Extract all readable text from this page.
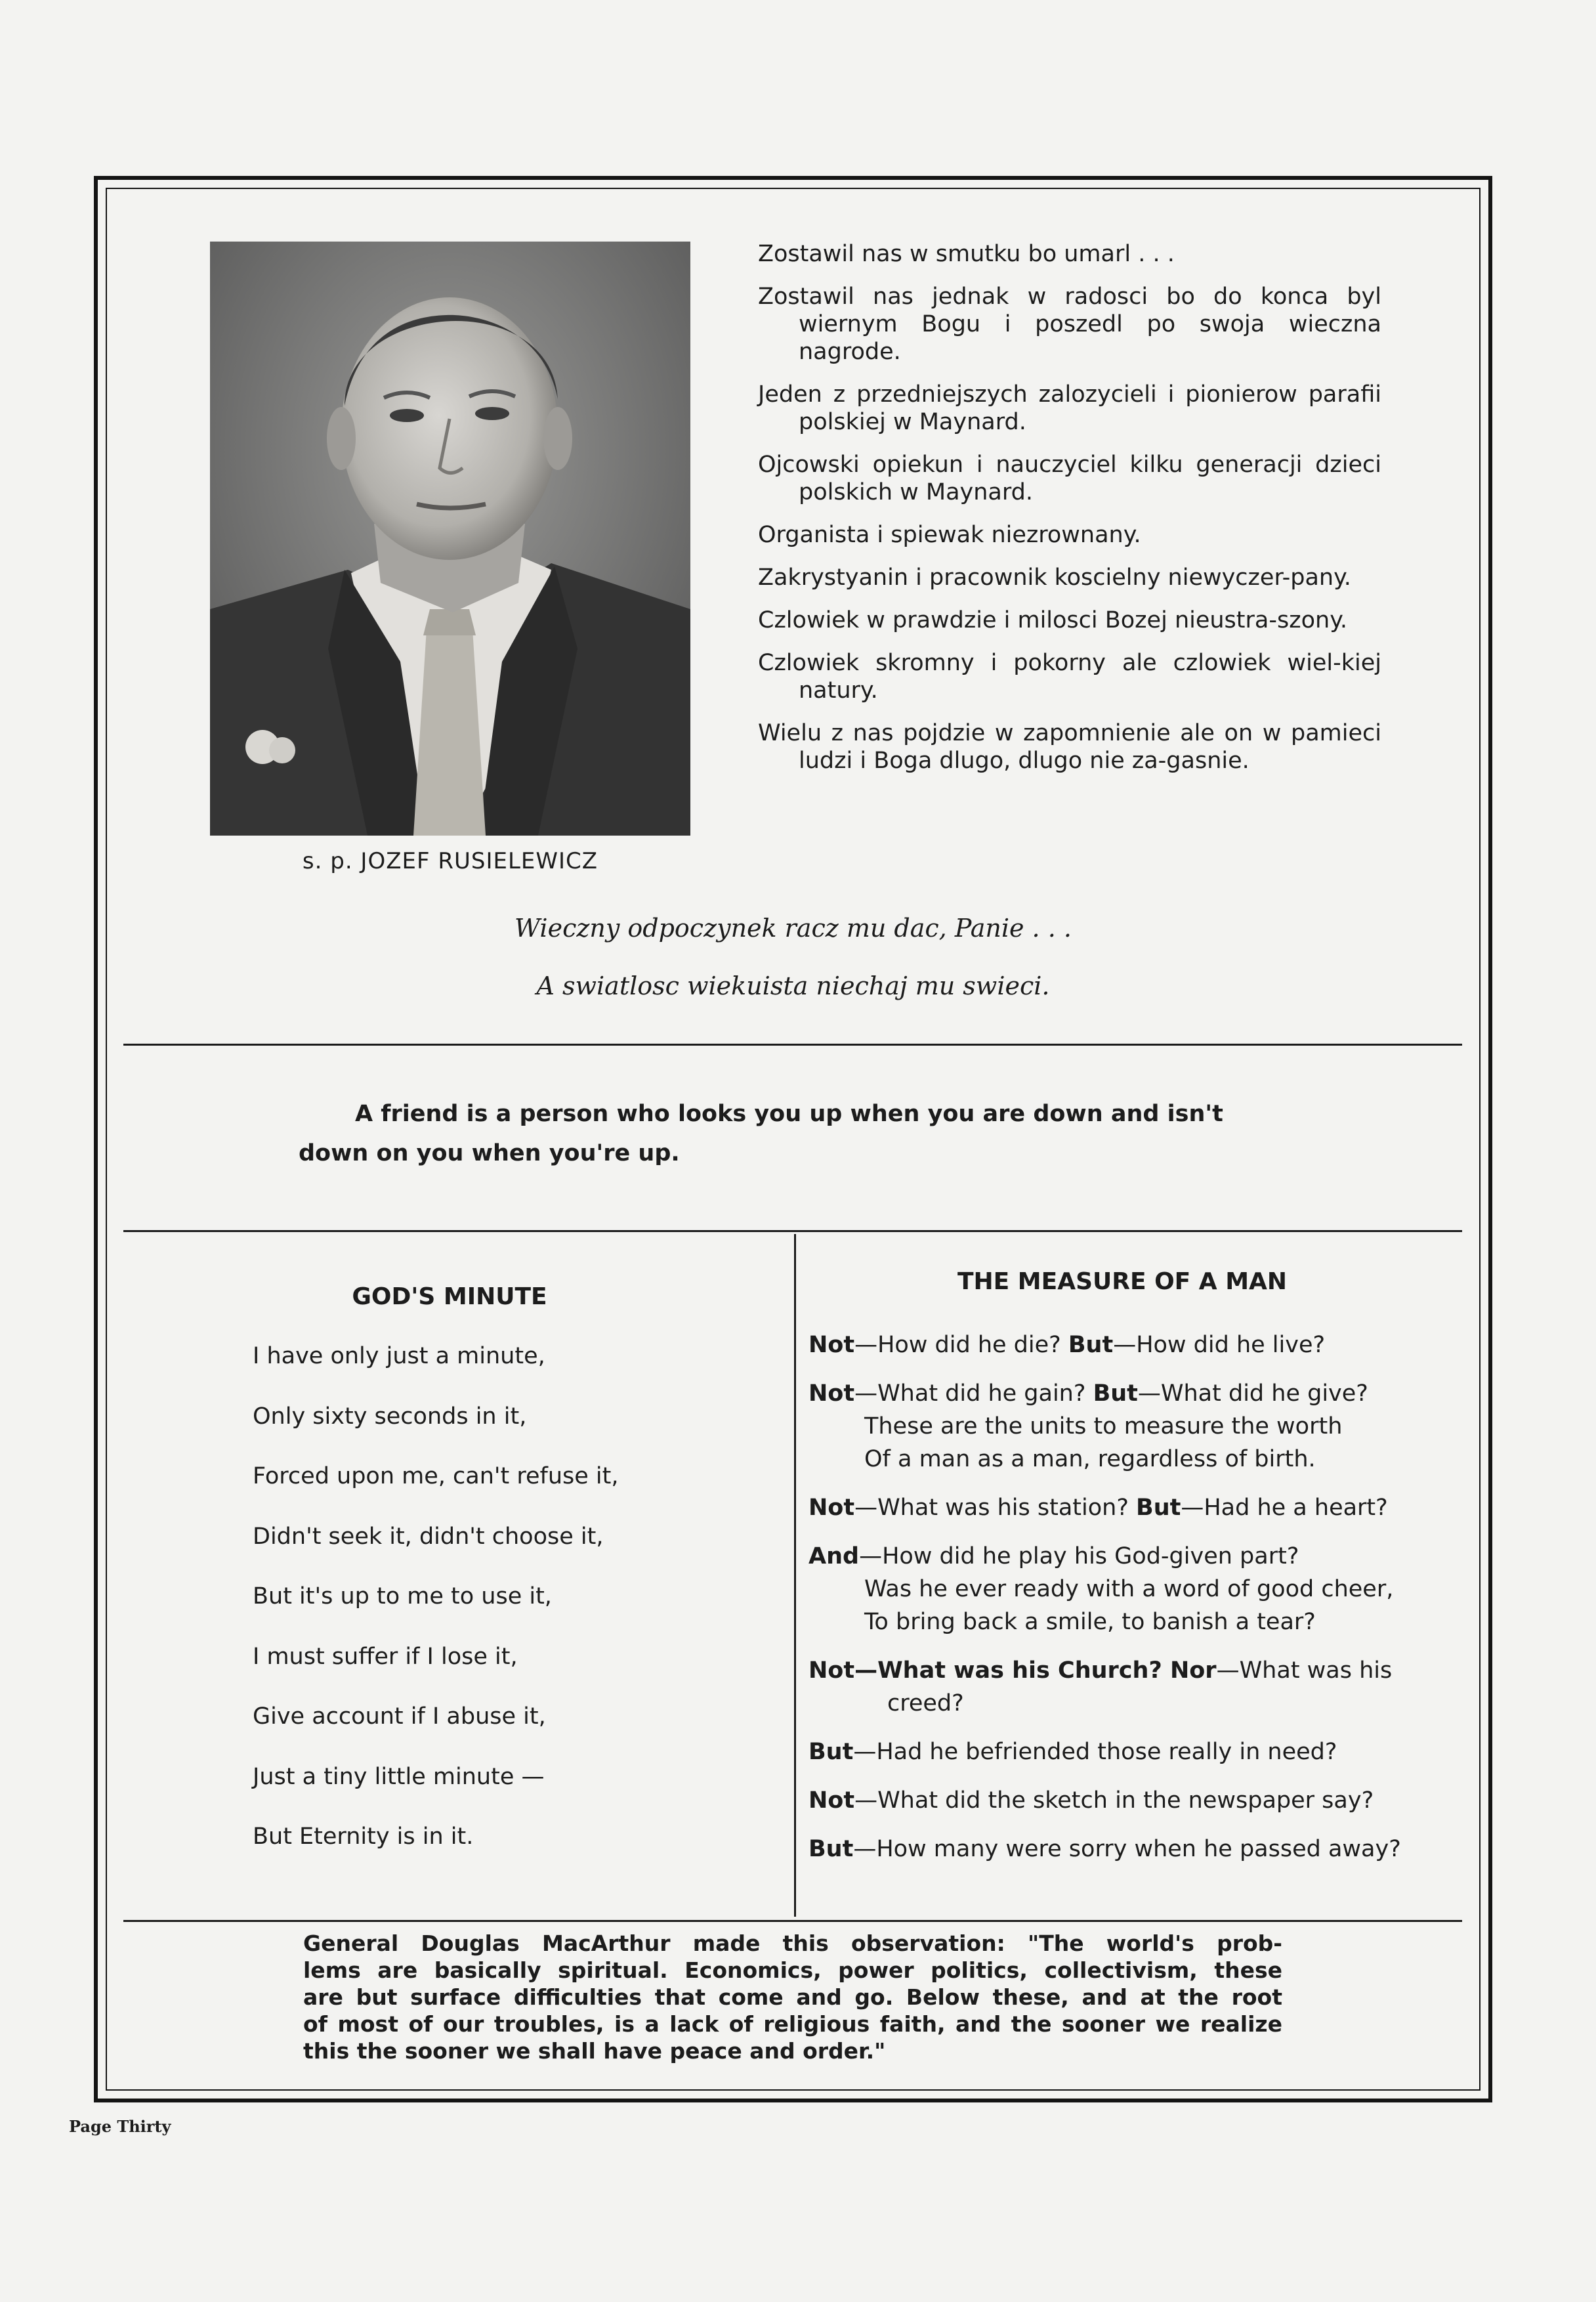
s. p. JOZEF RUSIELEWICZ

Zostawil nas w smutku bo umarl . . .

Zostawil nas jednak w radosci bo do konca byl wiernym Bogu i poszedl po swoja wieczna nagrode.

Jeden z przedniejszych zalozycieli i pionierow parafii polskiej w Maynard.

Ojcowski opiekun i nauczyciel kilku generacji dzieci polskich w Maynard.

Organista i spiewak niezrownany.

Zakrystyanin i pracownik koscielny niewyczer-pany.

Czlowiek w prawdzie i milosci Bozej nieustra-szony.

Czlowiek skromny i pokorny ale czlowiek wiel-kiej natury.

Wielu z nas pojdzie w zapomnienie ale on w pamieci ludzi i Boga dlugo, dlugo nie za-gasnie.

Wieczny odpoczynek racz mu dac, Panie . . .
A swiatlosc wiekuista niechaj mu swieci.
A friend is a person who looks you up when you are down and isn't
down on you when you're up.
GOD'S MINUTE
I have only just a minute,
Only sixty seconds in it,
Forced upon me, can't refuse it,
Didn't seek it, didn't choose it,
But it's up to me to use it,
I must suffer if I lose it,
Give account if I abuse it,
Just a tiny little minute —
But Eternity is in it.
THE MEASURE OF A MAN
Not—How did he die? But—How did he live?
Not—What did he gain? But—What did he give?
These are the units to measure the worth
Of a man as a man, regardless of birth.
Not—What was his station? But—Had he a heart?
And—How did he play his God-given part?
Was he ever ready with a word of good cheer,
To bring back a smile, to banish a tear?
Not—What was his Church? Nor—What was his
creed?
But—Had he befriended those really in need?
Not—What did the sketch in the newspaper say?
But—How many were sorry when he passed away?
General Douglas MacArthur made this observation: "The world's prob-
lems are basically spiritual. Economics, power politics, collectivism, these
are but surface difficulties that come and go. Below these, and at the root
of most of our troubles, is a lack of religious faith, and the sooner we realize
this the sooner we shall have peace and order."
Page Thirty
